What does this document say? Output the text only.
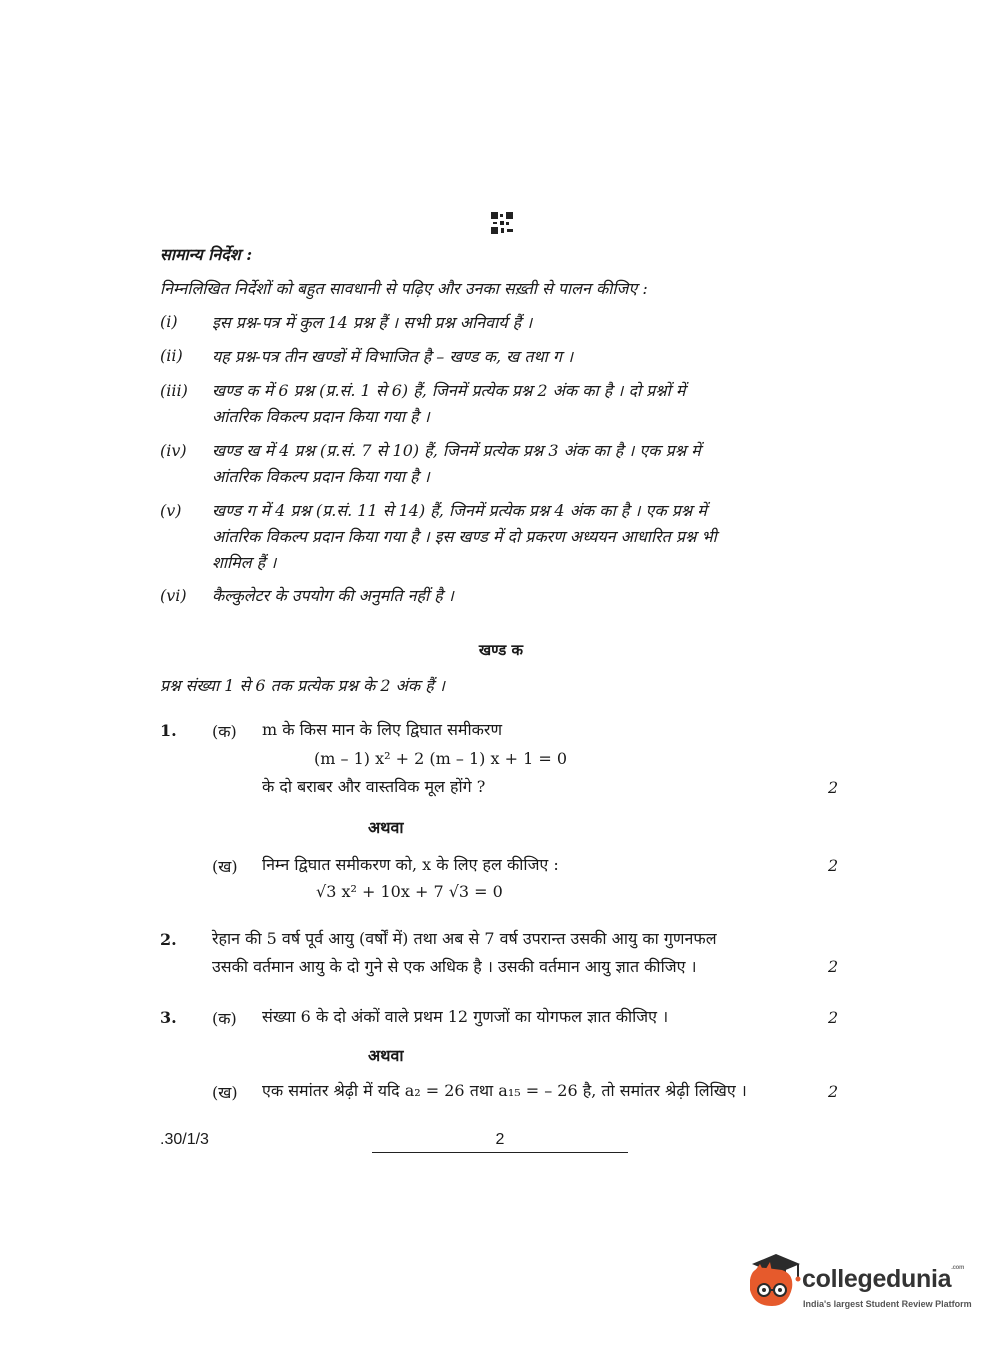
सामान्य निर्देश :
निम्नलिखित निर्देशों को बहुत सावधानी से पढ़िए और उनका सख़्ती से पालन कीजिए :
(i) इस प्रश्न-पत्र में कुल 14 प्रश्न हैं । सभी प्रश्न अनिवार्य हैं ।
(ii) यह प्रश्न-पत्र तीन खण्डों में विभाजित है – खण्ड क, ख तथा ग ।
(iii) खण्ड क में 6 प्रश्न (प्र.सं. 1 से 6) हैं, जिनमें प्रत्येक प्रश्न 2 अंक का है । दो प्रश्नों में
आंतरिक विकल्प प्रदान किया गया है ।
(iv) खण्ड ख में 4 प्रश्न (प्र.सं. 7 से 10) हैं, जिनमें प्रत्येक प्रश्न 3 अंक का है । एक प्रश्न में
आंतरिक विकल्प प्रदान किया गया है ।
(v) खण्ड ग में 4 प्रश्न (प्र.सं. 11 से 14) हैं, जिनमें प्रत्येक प्रश्न 4 अंक का है । एक प्रश्न में
आंतरिक विकल्प प्रदान किया गया है । इस खण्ड में दो प्रकरण अध्ययन आधारित प्रश्न भी
शामिल हैं ।
(vi) कैल्कुलेटर के उपयोग की अनुमति नहीं है ।
खण्ड क
प्रश्न संख्या 1 से 6 तक प्रत्येक प्रश्न के 2 अंक हैं ।
1. (क) m के किस मान के लिए द्विघात समीकरण
(m – 1) x² + 2 (m – 1) x + 1 = 0
के दो बराबर और वास्तविक मूल होंगे ?	2
अथवा
(ख) निम्न द्विघात समीकरण को, x के लिए हल कीजिए :	2
√3 x² + 10x + 7 √3 = 0
2. रेहान की 5 वर्ष पूर्व आयु (वर्षों में) तथा अब से 7 वर्ष उपरान्त उसकी आयु का गुणनफल
उसकी वर्तमान आयु के दो गुने से एक अधिक है । उसकी वर्तमान आयु ज्ञात कीजिए ।	2
3. (क) संख्या 6 के दो अंकों वाले प्रथम 12 गुणजों का योगफल ज्ञात कीजिए ।	2
अथवा
(ख) एक समांतर श्रेढ़ी में यदि a₂ = 26 तथा a₁₅ = – 26 है, तो समांतर श्रेढ़ी लिखिए ।	2
.30/1/3	2
collegedunia$^{.com}$
India's largest Student Review Platform
